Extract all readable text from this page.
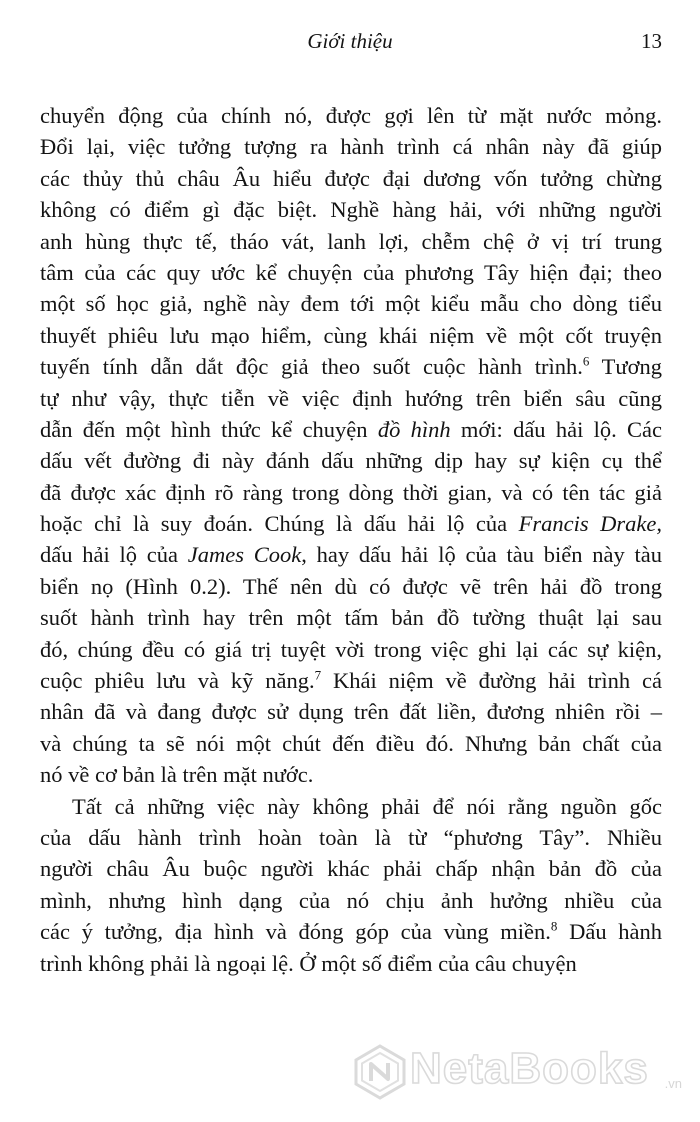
Giới thiệu	13
chuyển động của chính nó, được gợi lên từ mặt nước mỏng.
Đổi lại, việc tưởng tượng ra hành trình cá nhân này đã giúp
các thủy thủ châu Âu hiểu được đại dương vốn tưởng chừng
không có điểm gì đặc biệt. Nghề hàng hải, với những người
anh hùng thực tế, tháo vát, lanh lợi, chễm chệ ở vị trí trung
tâm của các quy ước kể chuyện của phương Tây hiện đại; theo
một số học giả, nghề này đem tới một kiểu mẫu cho dòng tiểu
thuyết phiêu lưu mạo hiểm, cùng khái niệm về một cốt truyện
tuyến tính dẫn dắt độc giả theo suốt cuộc hành trình.$^6$ Tương
tự như vậy, thực tiễn về việc định hướng trên biển sâu cũng
dẫn đến một hình thức kể chuyện đồ hình mới: dấu hải lộ. Các
dấu vết đường đi này đánh dấu những dịp hay sự kiện cụ thể
đã được xác định rõ ràng trong dòng thời gian, và có tên tác giả
hoặc chỉ là suy đoán. Chúng là dấu hải lộ của Francis Drake,
dấu hải lộ của James Cook, hay dấu hải lộ của tàu biển này tàu
biển nọ (Hình 0.2). Thế nên dù có được vẽ trên hải đồ trong
suốt hành trình hay trên một tấm bản đồ tường thuật lại sau
đó, chúng đều có giá trị tuyệt vời trong việc ghi lại các sự kiện,
cuộc phiêu lưu và kỹ năng.$^7$ Khái niệm về đường hải trình cá
nhân đã và đang được sử dụng trên đất liền, đương nhiên rồi –
và chúng ta sẽ nói một chút đến điều đó. Nhưng bản chất của
nó về cơ bản là trên mặt nước.
Tất cả những việc này không phải để nói rằng nguồn gốc
của dấu hành trình hoàn toàn là từ “phương Tây”. Nhiều
người châu Âu buộc người khác phải chấp nhận bản đồ của
mình, nhưng hình dạng của nó chịu ảnh hưởng nhiều của
các ý tưởng, địa hình và đóng góp của vùng miền.$^8$ Dấu hành
trình không phải là ngoại lệ. Ở một số điểm của câu chuyện
NetaBooks .vn
